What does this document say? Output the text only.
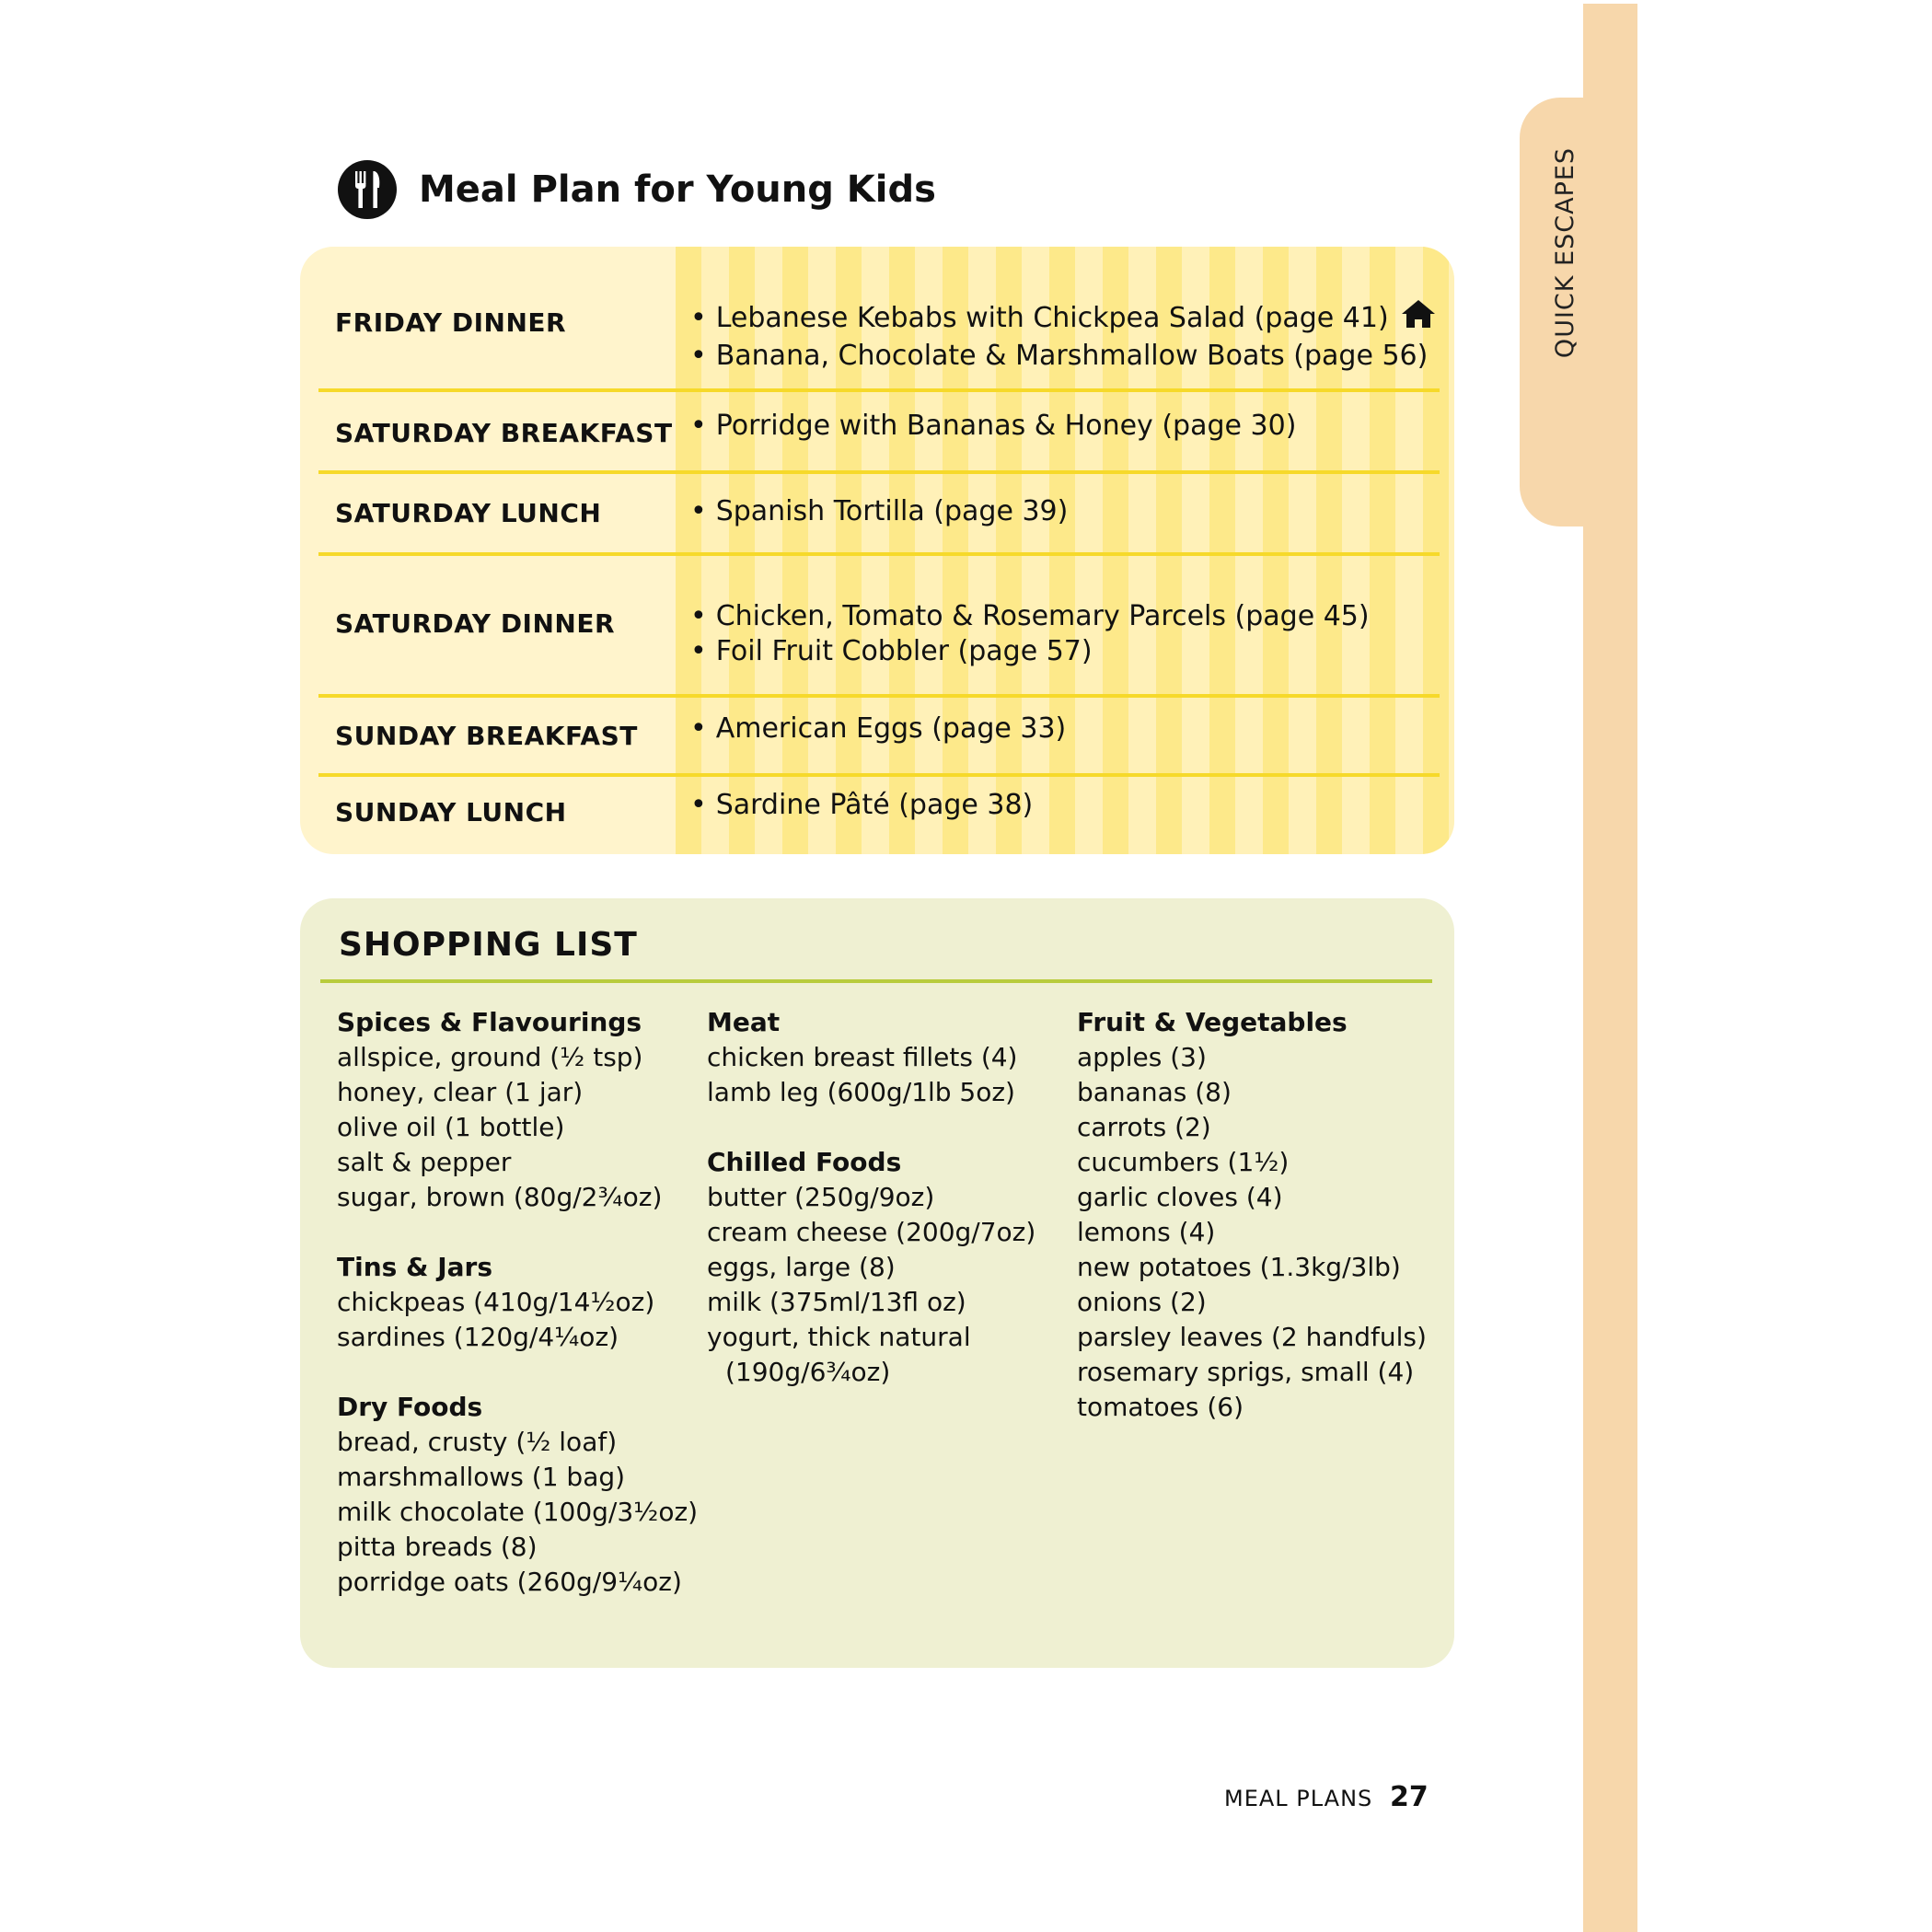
QUICK ESCAPES
Meal Plan for Young Kids
FRIDAY DINNER	• Lebanese Kebabs with Chickpea Salad (page 41)
• Banana, Chocolate & Marshmallow Boats (page 56)
SATURDAY BREAKFAST • Porridge with Bananas & Honey (page 30)
SATURDAY LUNCH	• Spanish Tortilla (page 39)
SATURDAY DINNER	• Chicken, Tomato & Rosemary Parcels (page 45)
• Foil Fruit Cobbler (page 57)
SUNDAY BREAKFAST • American Eggs (page 33)
SUNDAY LUNCH	• Sardine Pâté (page 38)
SHOPPING LIST
Spices & Flavourings
allspice, ground (½ tsp)
honey, clear (1 jar)
olive oil (1 bottle)
salt & pepper
sugar, brown (80g/2¾oz)
Tins & Jars
chickpeas (410g/14½oz)
sardines (120g/4¼oz)
Dry Foods
bread, crusty (½ loaf)
marshmallows (1 bag)
milk chocolate (100g/3½oz)
pitta breads (8)
porridge oats (260g/9¼oz)
Meat
chicken breast fillets (4)
lamb leg (600g/1lb 5oz)
Chilled Foods
butter (250g/9oz)
cream cheese (200g/7oz)
eggs, large (8)
milk (375ml/13fl oz)
yogurt, thick natural
(190g/6¾oz)
Fruit & Vegetables
apples (3)
bananas (8)
carrots (2)
cucumbers (1½)
garlic cloves (4)
lemons (4)
new potatoes (1.3kg/3lb)
onions (2)
parsley leaves (2 handfuls)
rosemary sprigs, small (4)
tomatoes (6)
MEAL PLANS 27
